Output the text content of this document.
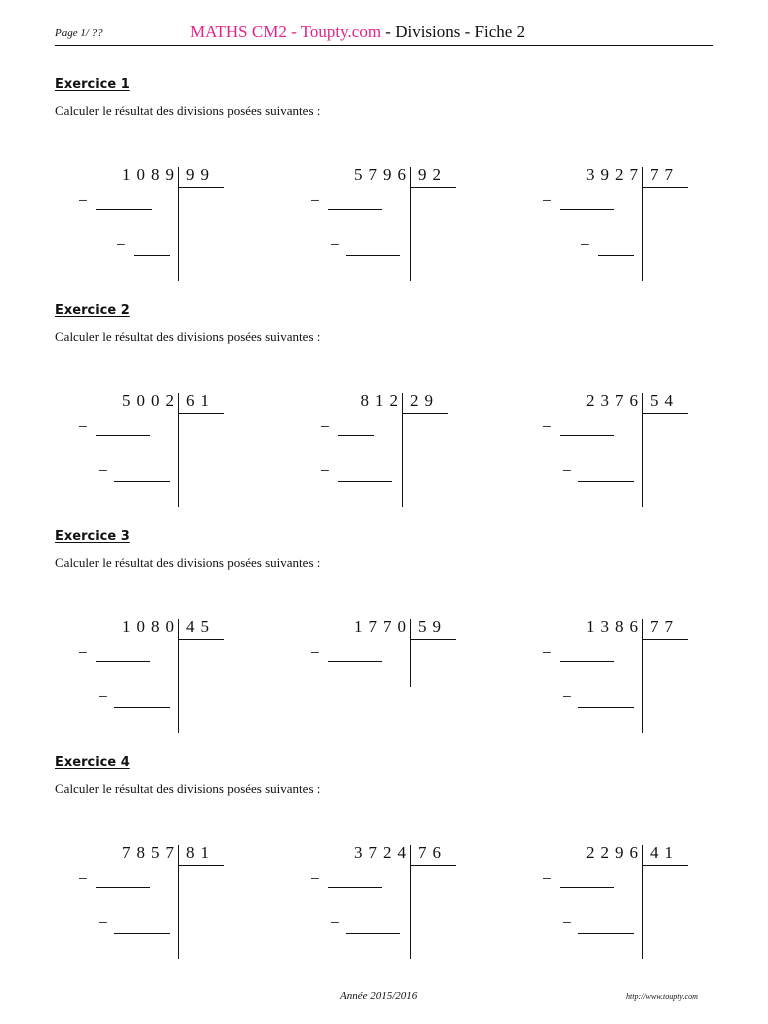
Page 1/ ??	MATHS CM2 - Toupty.com - Divisions - Fiche 2
Exercice 1
Calculer le résultat des divisions posées suivantes :
1089 99
−
−
5796 92
−
−
3927 77
−
−
Exercice 2
Calculer le résultat des divisions posées suivantes :
5002 61
−
−
812 29
−
−
2376 54
−
−
Exercice 3
Calculer le résultat des divisions posées suivantes :
1080 45
−
−
1770 59
−
1386 77
−
−
Exercice 4
Calculer le résultat des divisions posées suivantes :
7857 81
−
−
3724 76
−
−
2296 41
−
−
Année 2015/2016	http://www.toupty.com
